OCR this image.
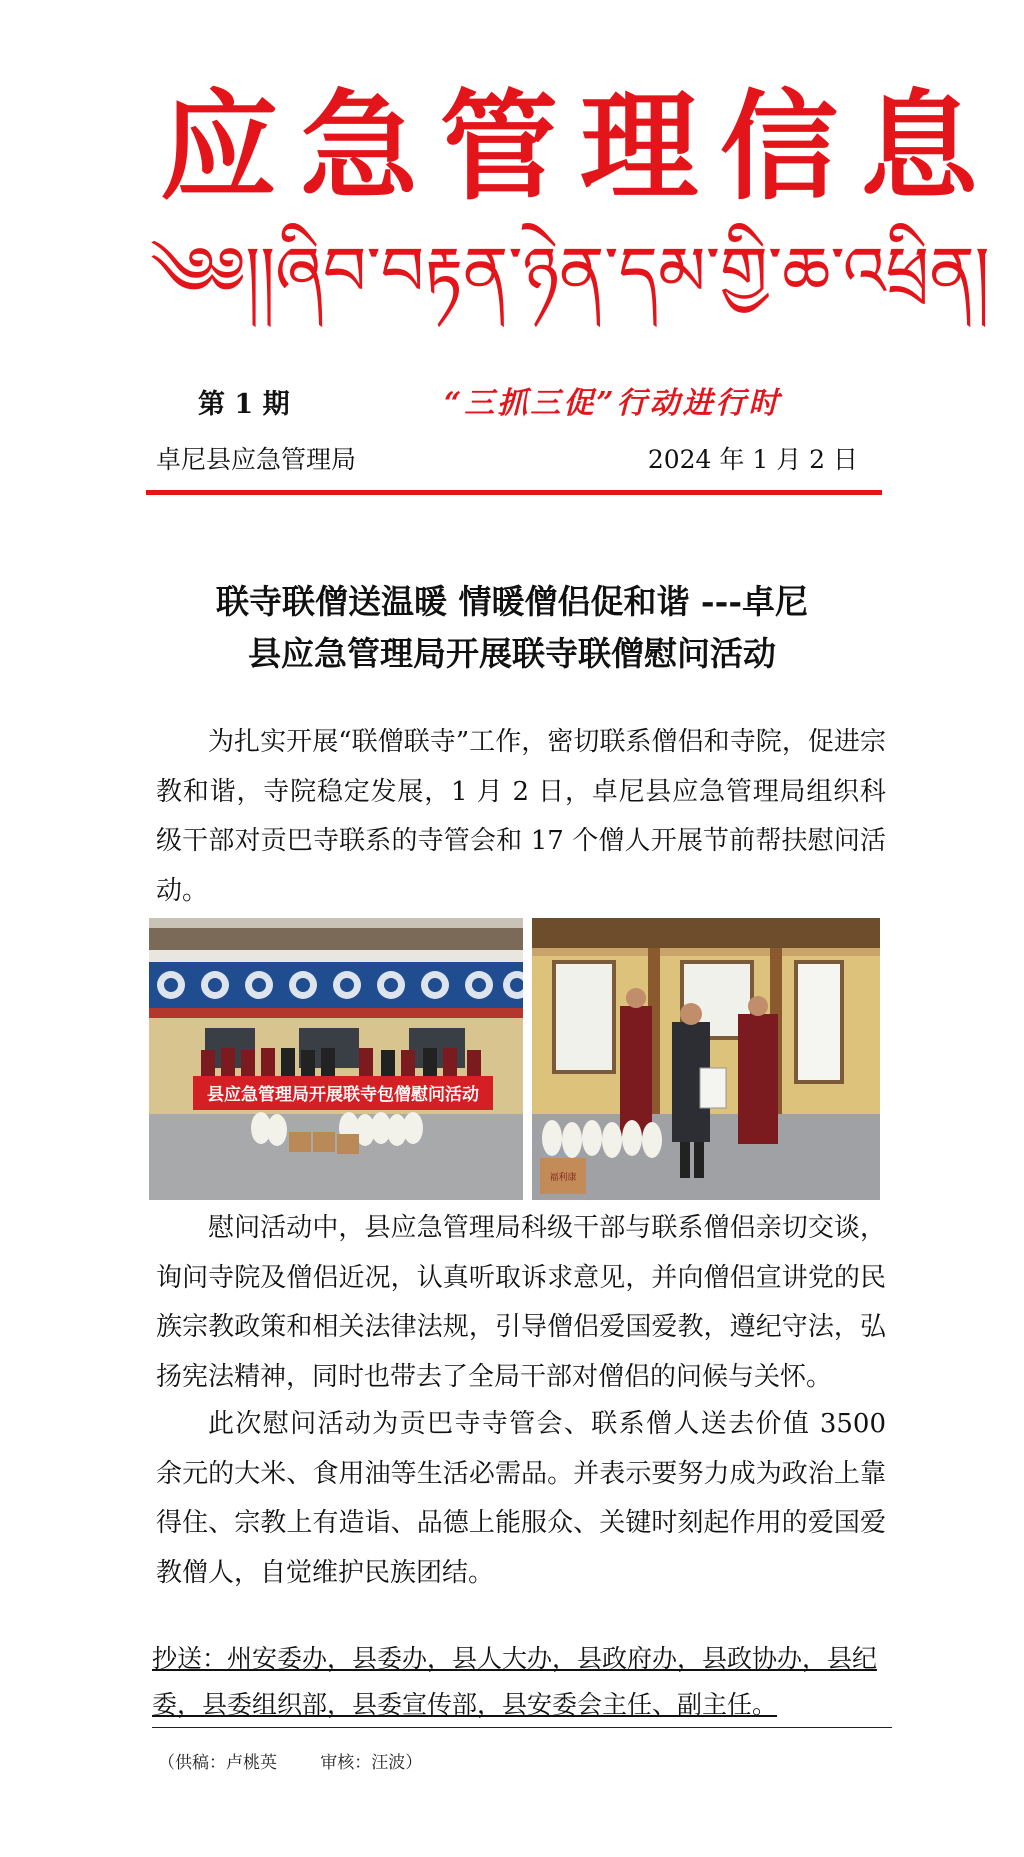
应急管理信息
༄༅།།ཞིབ་བརྟན་ཉེན་དམ་གྱི་ཆ་འཕྲིན།
第 1 期	“三抓三促”行动进行时
卓尼县应急管理局	2024 年 1 月 2 日
联寺联僧送温暖 情暖僧侣促和谐 ---卓尼
县应急管理局开展联寺联僧慰问活动

为扎实开展“联僧联寺”工作，密切联系僧侣和寺院，促进宗教和谐，寺院稳定发展，1 月 2 日，卓尼县应急管理局组织科级干部对贡巴寺联系的寺管会和 17 个僧人开展节前帮扶慰问活动。

县应急管理局开展联寺包僧慰问活动
福利康

慰问活动中，县应急管理局科级干部与联系僧侣亲切交谈，询问寺院及僧侣近况，认真听取诉求意见，并向僧侣宣讲党的民族宗教政策和相关法律法规，引导僧侣爱国爱教，遵纪守法，弘扬宪法精神，同时也带去了全局干部对僧侣的问候与关怀。

此次慰问活动为贡巴寺寺管会、联系僧人送去价值 3500 余元的大米、食用油等生活必需品。并表示要努力成为政治上靠得住、宗教上有造诣、品德上能服众、关键时刻起作用的爱国爱教僧人，自觉维护民族团结。

抄送：州安委办，县委办，县人大办，县政府办，县政协办，县纪委，县委组织部，县委宣传部，县安委会主任、副主任。
（供稿：卢桃英        审核：汪波）
